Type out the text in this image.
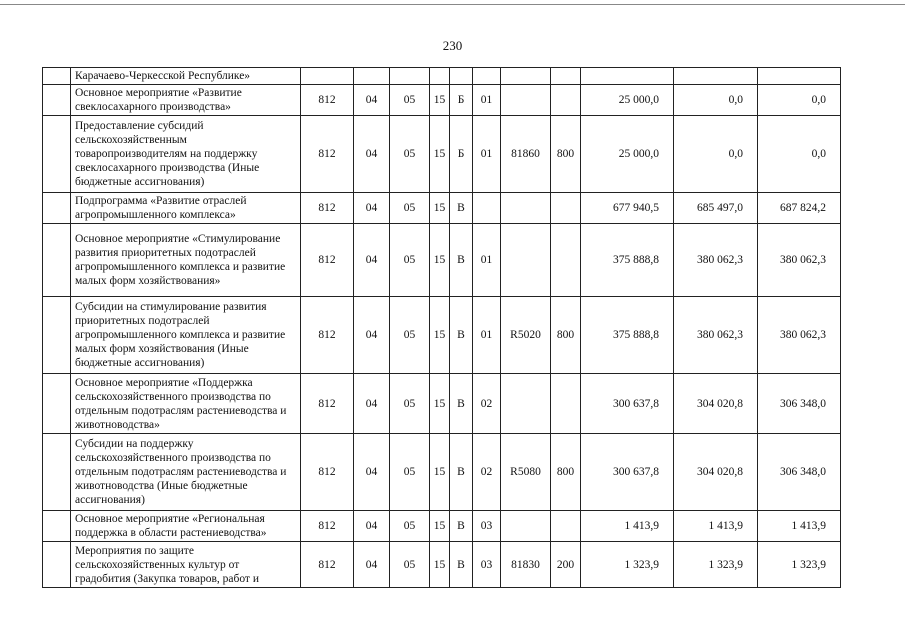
230
	Карачаево-Черкесской Республике»											
	Основное мероприятие «Развитие свеклосахарного производства»	812	04	05	15	Б	01			25 000,0	0,0	0,0
	Предоставление субсидий сельскохозяйственным товаропроизводителям на поддержку свеклосахарного производства (Иные бюджетные ассигнования)	812	04	05	15	Б	01	81860	800	25 000,0	0,0	0,0
	Подпрограмма «Развитие отраслей агропромышленного комплекса»	812	04	05	15	В				677 940,5	685 497,0	687 824,2
	Основное мероприятие «Стимулирование развития приоритетных подотраслей агропромышленного комплекса и развитие малых форм хозяйствования»	812	04	05	15	В	01			375 888,8	380 062,3	380 062,3
	Субсидии на стимулирование развития приоритетных подотраслей агропромышленного комплекса и развитие малых форм хозяйствования (Иные бюджетные ассигнования)	812	04	05	15	В	01	R5020	800	375 888,8	380 062,3	380 062,3
	Основное мероприятие «Поддержка сельскохозяйственного производства по отдельным подотраслям растениеводства и животноводства»	812	04	05	15	В	02			300 637,8	304 020,8	306 348,0
	Субсидии на поддержку сельскохозяйственного производства по отдельным подотраслям растениеводства и животноводства (Иные бюджетные ассигнования)	812	04	05	15	В	02	R5080	800	300 637,8	304 020,8	306 348,0
	Основное мероприятие «Региональная поддержка в области растениеводства»	812	04	05	15	В	03			1 413,9	1 413,9	1 413,9
	Мероприятия по защите сельскохозяйственных культур от градобития (Закупка товаров, работ и	812	04	05	15	В	03	81830	200	1 323,9	1 323,9	1 323,9
